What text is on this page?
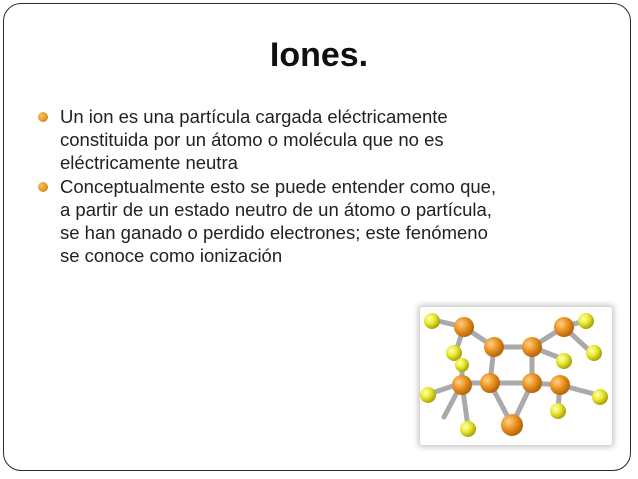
Iones.
Un ion es una partícula cargada eléctricamente
constituida por un átomo o molécula que no es
eléctricamente neutra
Conceptualmente esto se puede entender como que,
a partir de un estado neutro de un átomo o partícula,
se han ganado o perdido electrones; este fenómeno
se conoce como ionización
